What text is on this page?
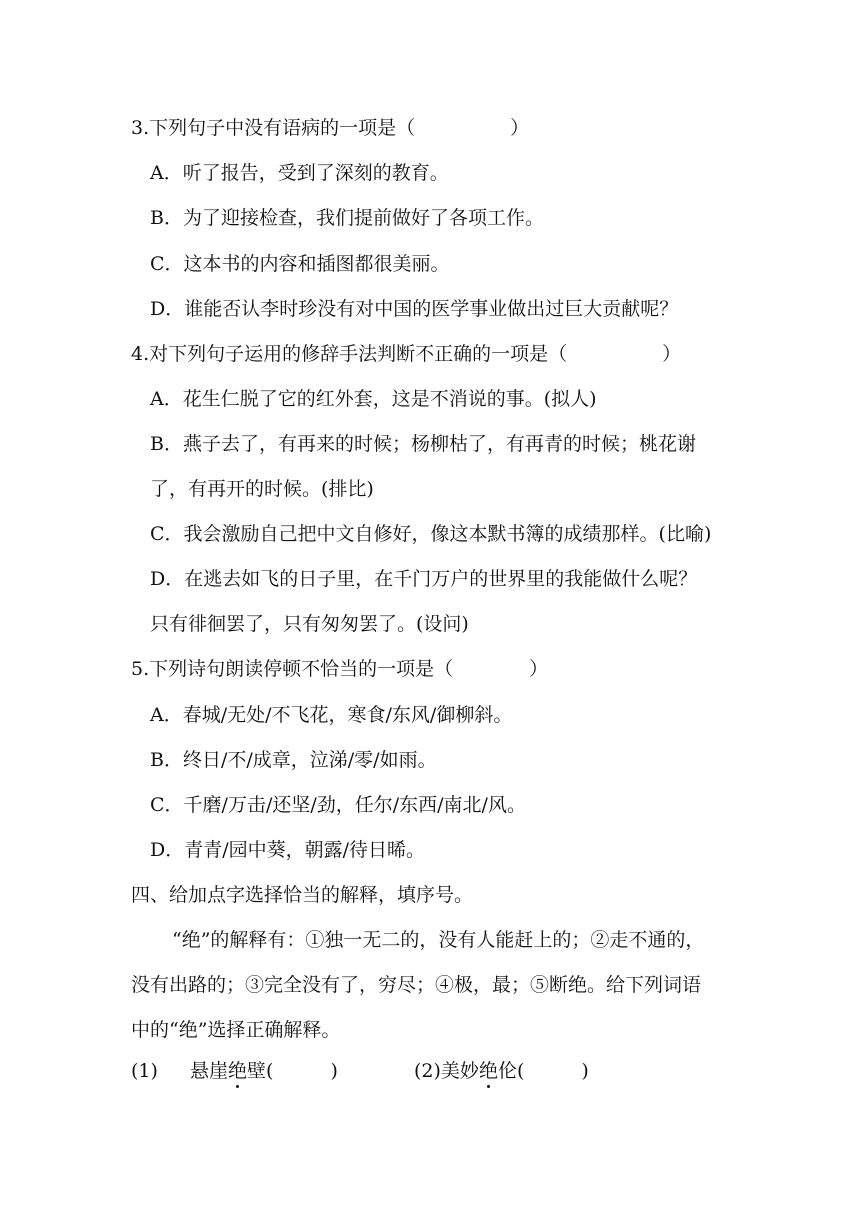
3.下列句子中没有语病的一项是（　　　　　）
A．听了报告，受到了深刻的教育。
B．为了迎接检查，我们提前做好了各项工作。
C．这本书的内容和插图都很美丽。
D．谁能否认李时珍没有对中国的医学事业做出过巨大贡献呢？
4.对下列句子运用的修辞手法判断不正确的一项是（　　　　　）
A．花生仁脱了它的红外套，这是不消说的事。(拟人)
B．燕子去了，有再来的时候；杨柳枯了，有再青的时候；桃花谢
了，有再开的时候。(排比)
C．我会激励自己把中文自修好，像这本默书簿的成绩那样。(比喻)
D．在逃去如飞的日子里，在千门万户的世界里的我能做什么呢？
只有徘徊罢了，只有匆匆罢了。(设问)
5.下列诗句朗读停顿不恰当的一项是（　　　　）
A．春城/无处/不飞花，寒食/东风/御柳斜。
B．终日/不/成章，泣涕/零/如雨。
C．千磨/万击/还坚/劲，任尔/东西/南北/风。
D．青青/园中葵，朝露/待日晞。
四、给加点字选择恰当的解释，填序号。
“绝”的解释有：①独一无二的，没有人能赶上的；②走不通的，
没有出路的；③完全没有了，穷尽；④极，最；⑤断绝。给下列词语
中的“绝”选择正确解释。
(1) 悬崖绝壁(　　　)	(2)美妙绝伦(　　　)
